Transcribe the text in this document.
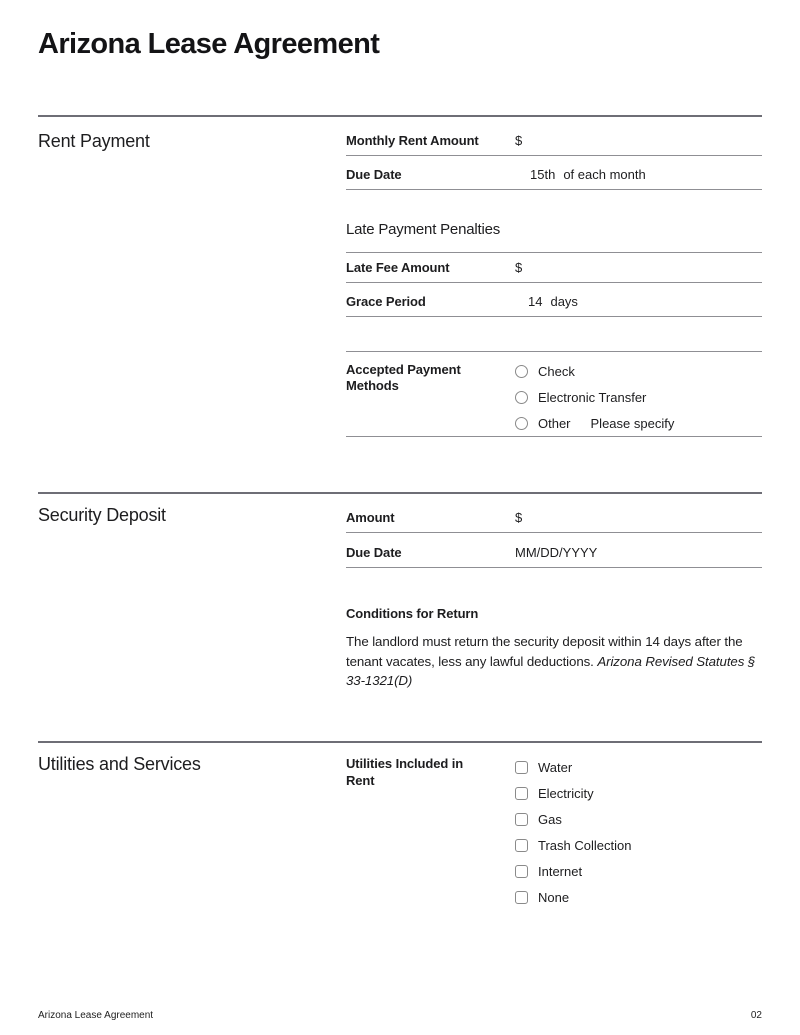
Arizona Lease Agreement
Rent Payment	Monthly Rent Amount	$
Due Date	15th of each month
Late Payment Penalties
Late Fee Amount	$
Grace Period	14 days
Accepted Payment Methods
Check
Electronic Transfer
Other Please specify
Security Deposit	Amount	$
Due Date	MM/DD/YYYY
Conditions for Return

The landlord must return the security deposit within 14 days after the tenant vacates, less any lawful deductions. Arizona Revised Statutes § 33-1321(D)

Utilities and Services	Utilities Included in Rent
Water
Electricity
Gas
Trash Collection
Internet
None
Arizona Lease Agreement	02
